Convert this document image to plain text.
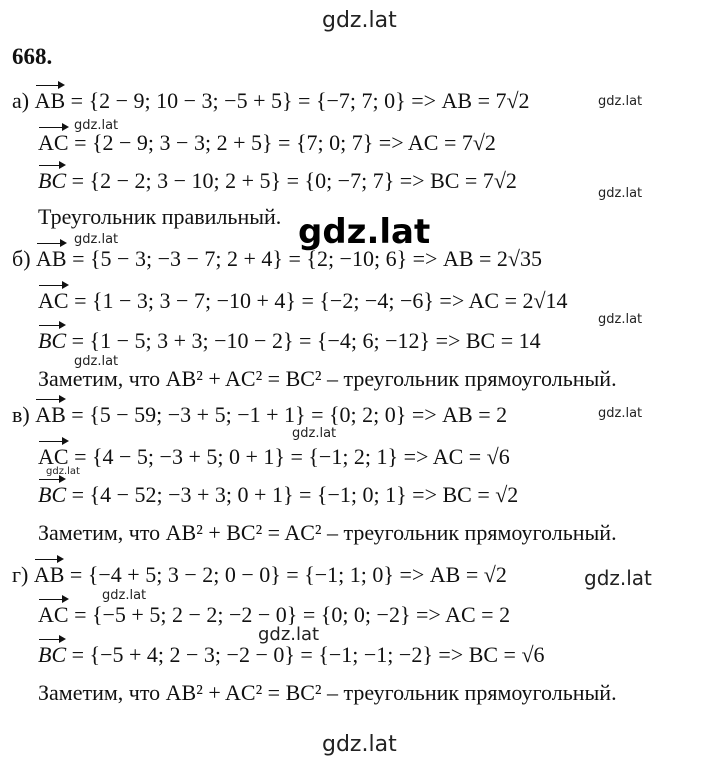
gdz.lat
gdz.lat
gdz.lat
gdz.lat
gdz.lat
gdz.lat
gdz.lat
gdz.lat
gdz.lat
gdz.lat
gdz.lat
gdz.lat
gdz.lat
gdz.lat
gdz.lat
668.
а) AB = {2 − 9; 10 − 3; −5 + 5} = {−7; 7; 0} => AB = 7√2
AC = {2 − 9; 3 − 3; 2 + 5} = {7; 0; 7} => AC = 7√2
BC = {2 − 2; 3 − 10; 2 + 5} = {0; −7; 7} => BC = 7√2
Треугольник правильный.
б) AB = {5 − 3; −3 − 7; 2 + 4} = {2; −10; 6} => AB = 2√35
AC = {1 − 3; 3 − 7; −10 + 4} = {−2; −4; −6} => AC = 2√14
BC = {1 − 5; 3 + 3; −10 − 2} = {−4; 6; −12} => BC = 14
Заметим, что AB² + AC² = BC² – треугольник прямоугольный.
в) AB = {5 − 59; −3 + 5; −1 + 1} = {0; 2; 0} => AB = 2
AC = {4 − 5; −3 + 5; 0 + 1} = {−1; 2; 1} => AC = √6
BC = {4 − 52; −3 + 3; 0 + 1} = {−1; 0; 1} => BC = √2
Заметим, что AB² + BC² = AC² – треугольник прямоугольный.
г) AB = {−4 + 5; 3 − 2; 0 − 0} = {−1; 1; 0} => AB = √2
AC = {−5 + 5; 2 − 2; −2 − 0} = {0; 0; −2} => AC = 2
BC = {−5 + 4; 2 − 3; −2 − 0} = {−1; −1; −2} => BC = √6
Заметим, что AB² + AC² = BC² – треугольник прямоугольный.
